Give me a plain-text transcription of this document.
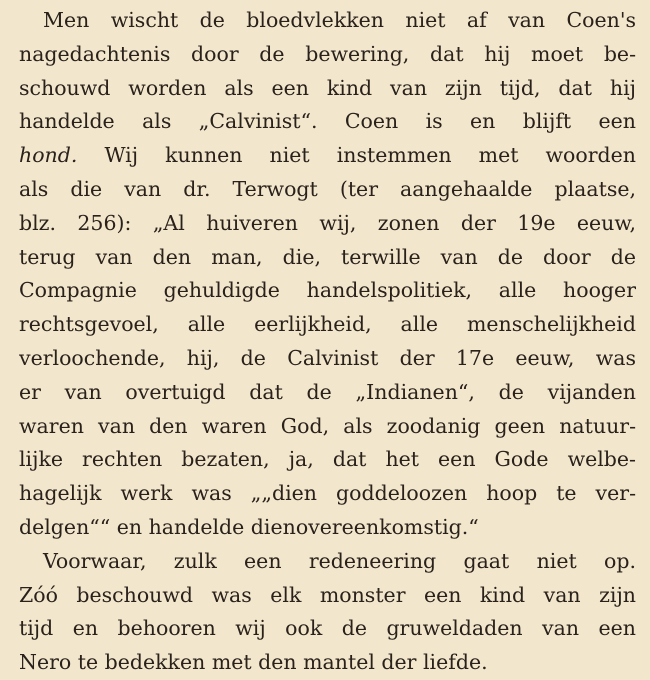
Men wischt de bloedvlekken niet af van Coen's
nagedachtenis door de bewering, dat hij moet be-
schouwd worden als een kind van zijn tijd, dat hij
handelde als „Calvinist“. Coen is en blijft een
hond. Wij kunnen niet instemmen met woorden
als die van dr. Terwogt (ter aangehaalde plaatse,
blz. 256): „Al huiveren wij, zonen der 19e eeuw,
terug van den man, die, terwille van de door de
Compagnie gehuldigde handelspolitiek, alle hooger
rechtsgevoel, alle eerlijkheid, alle menschelijkheid
verloochende, hij, de Calvinist der 17e eeuw, was
er van overtuigd dat de „Indianen“, de vijanden
waren van den waren God, als zoodanig geen natuur-
lijke rechten bezaten, ja, dat het een Gode welbe-
hagelijk werk was „„dien goddeloozen hoop te ver-
delgen““ en handelde dienovereenkomstig.“
Voorwaar, zulk een redeneering gaat niet op.
Zóó beschouwd was elk monster een kind van zijn
tijd en behooren wij ook de gruweldaden van een
Nero te bedekken met den mantel der liefde.
